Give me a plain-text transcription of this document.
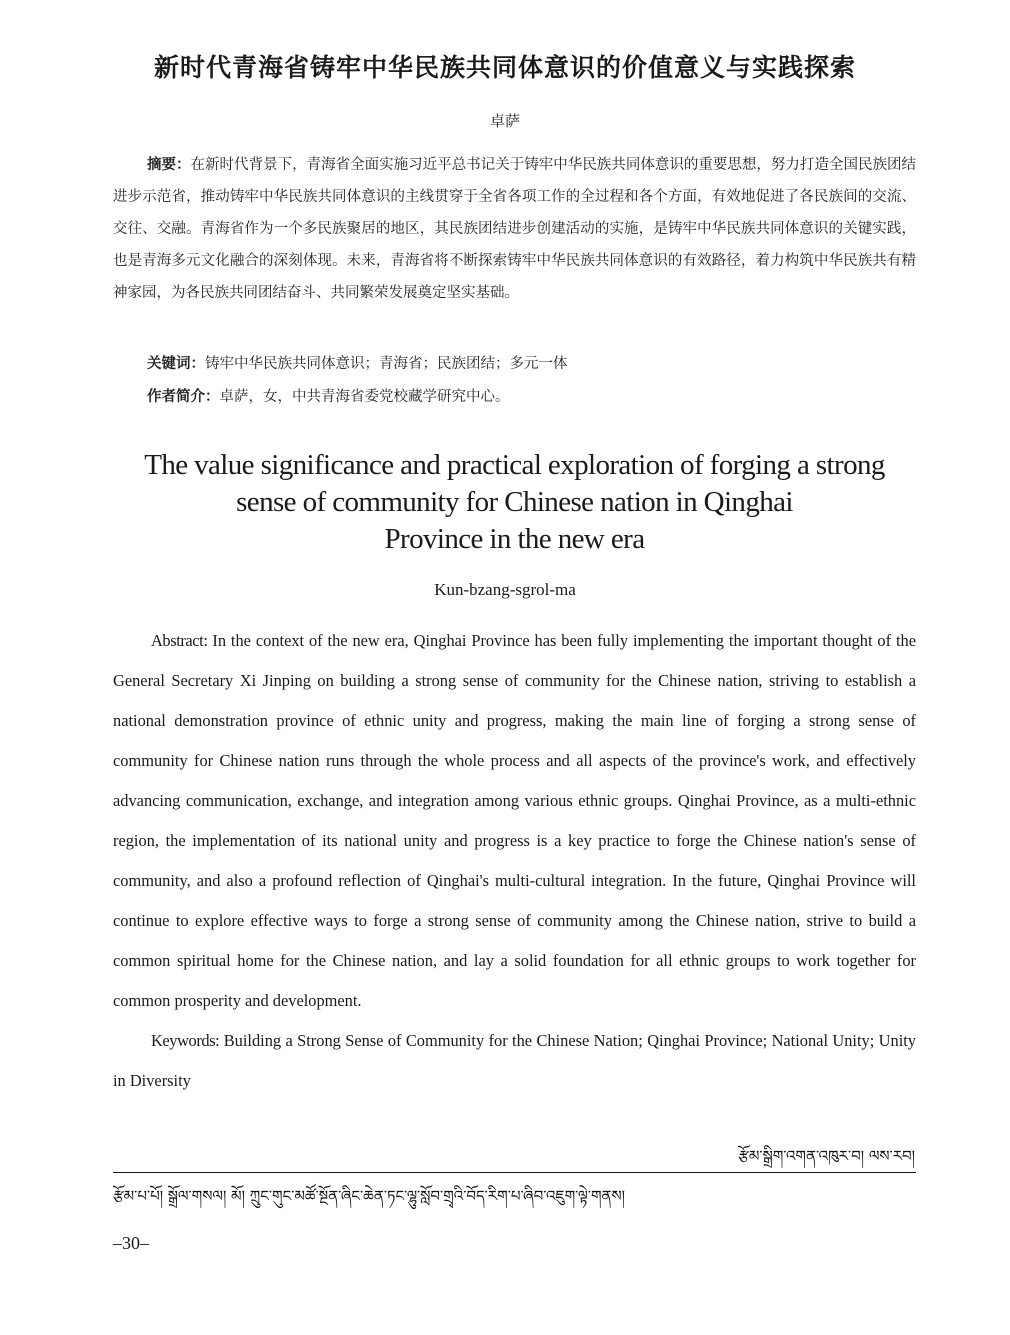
新时代青海省铸牢中华民族共同体意识的价值意义与实践探索
卓萨
摘要：在新时代背景下，青海省全面实施习近平总书记关于铸牢中华民族共同体意识的重要思想，努力打造全国民族团结进步示范省，推动铸牢中华民族共同体意识的主线贯穿于全省各项工作的全过程和各个方面，有效地促进了各民族间的交流、交往、交融。青海省作为一个多民族聚居的地区，其民族团结进步创建活动的实施，是铸牢中华民族共同体意识的关键实践，也是青海多元文化融合的深刻体现。未来，青海省将不断探索铸牢中华民族共同体意识的有效路径，着力构筑中华民族共有精神家园，为各民族共同团结奋斗、共同繁荣发展奠定坚实基础。
关键词：铸牢中华民族共同体意识；青海省；民族团结；多元一体
作者简介：卓萨，女，中共青海省委党校藏学研究中心。
The value significance and practical exploration of forging a strong
sense of community for Chinese nation in Qinghai
Province in the new era
Kun-bzang-sgrol-ma
Abstract: In the context of the new era, Qinghai Province has been fully implementing the important thought of the General Secretary Xi Jinping on building a strong sense of community for the Chinese nation, striving to establish a national demonstration province of ethnic unity and progress, making the main line of forging a strong sense of community for Chinese nation runs through the whole process and all aspects of the province's work, and effectively advancing communication, exchange, and integration among various ethnic groups. Qinghai Province, as a multi-ethnic region, the implementation of its national unity and progress is a key practice to forge the Chinese nation's sense of community, and also a profound reflection of Qinghai's multi-cultural integration. In the future, Qinghai Province will continue to explore effective ways to forge a strong sense of community among the Chinese nation, strive to build a common spiritual home for the Chinese nation, and lay a solid foundation for all ethnic groups to work together for common prosperity and development.
Keywords: Building a Strong Sense of Community for the Chinese Nation; Qinghai Province; National Unity; Unity in Diversity
རྩོམ་སྒྲིག་འགན་འཁུར་བ། ལས་རབ།
རྩོམ་པ་པོ། སྒྲོལ་གསལ། མོ། ཀྲུང་གུང་མཚོ་སྔོན་ཞིང་ཆེན་ཏང་ལྷུ་སློབ་གྲྭའི་བོད་རིག་པ་ཞིབ་འཇུག་ལྟེ་གནས།
–30–
